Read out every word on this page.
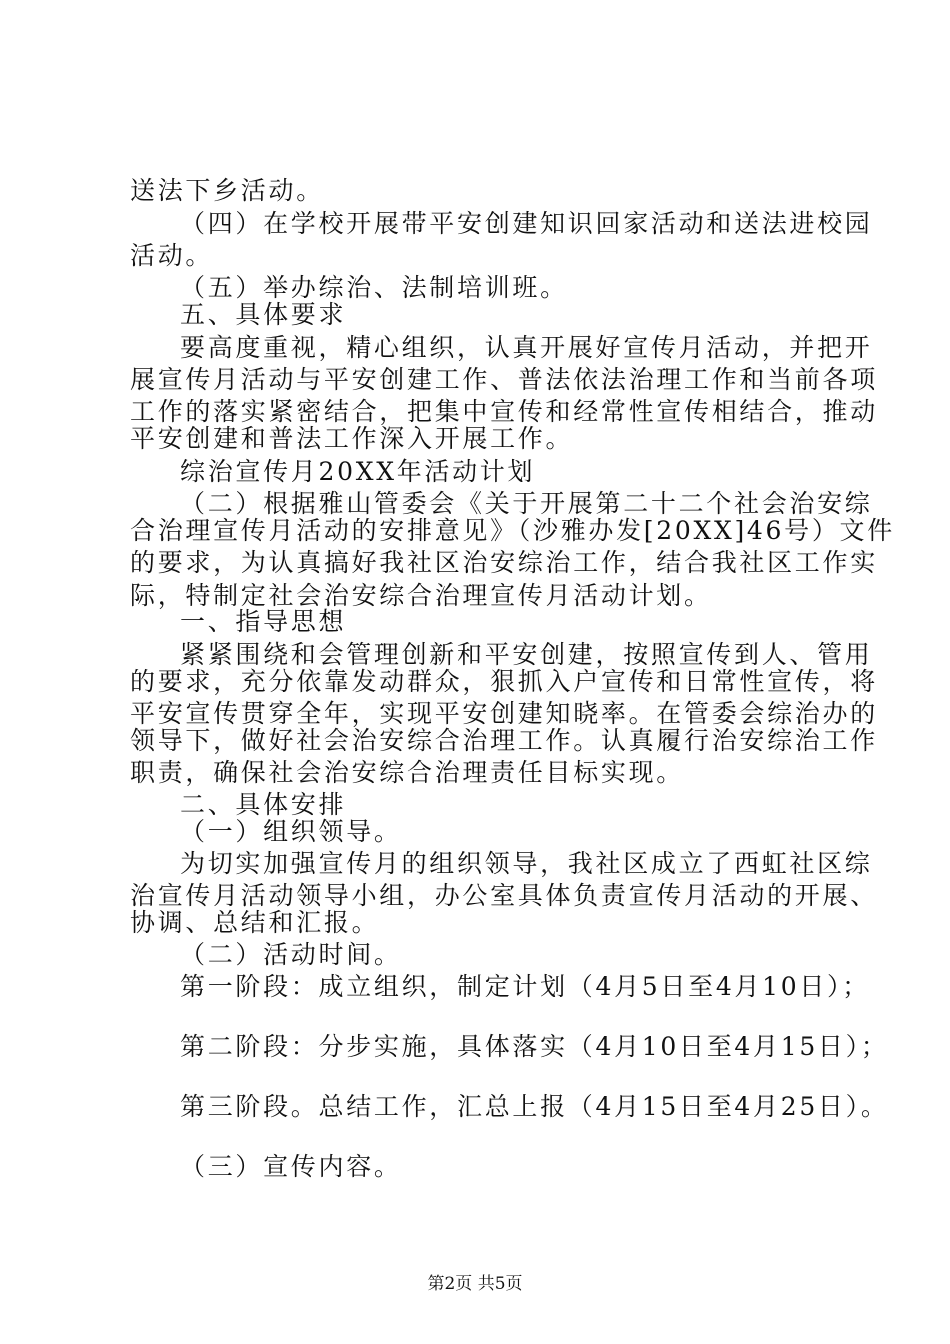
送法下乡活动。
（四）在学校开展带平安创建知识回家活动和送法进校园
活动。
（五）举办综治、法制培训班。
五、具体要求
要高度重视，精心组织，认真开展好宣传月活动，并把开
展宣传月活动与平安创建工作、普法依法治理工作和当前各项
工作的落实紧密结合，把集中宣传和经常性宣传相结合，推动
平安创建和普法工作深入开展工作。
综治宣传月20XX年活动计划
（二）根据雅山管委会《关于开展第二十二个社会治安综
合治理宣传月活动的安排意见》（沙雅办发[20XX]46号）文件
的要求，为认真搞好我社区治安综治工作，结合我社区工作实
际，特制定社会治安综合治理宣传月活动计划。
一、指导思想
紧紧围绕和会管理创新和平安创建，按照宣传到人、管用
的要求，充分依靠发动群众，狠抓入户宣传和日常性宣传，将
平安宣传贯穿全年，实现平安创建知晓率。在管委会综治办的
领导下，做好社会治安综合治理工作。认真履行治安综治工作
职责，确保社会治安综合治理责任目标实现。
二、具体安排
（一）组织领导。
为切实加强宣传月的组织领导，我社区成立了西虹社区综
治宣传月活动领导小组，办公室具体负责宣传月活动的开展、
协调、总结和汇报。
（二）活动时间。
第一阶段：成立组织，制定计划（4月5日至4月10日）；
第二阶段：分步实施，具体落实（4月10日至4月15日）；
第三阶段。总结工作，汇总上报（4月15日至4月25日）。
（三）宣传内容。
第2页 共5页
